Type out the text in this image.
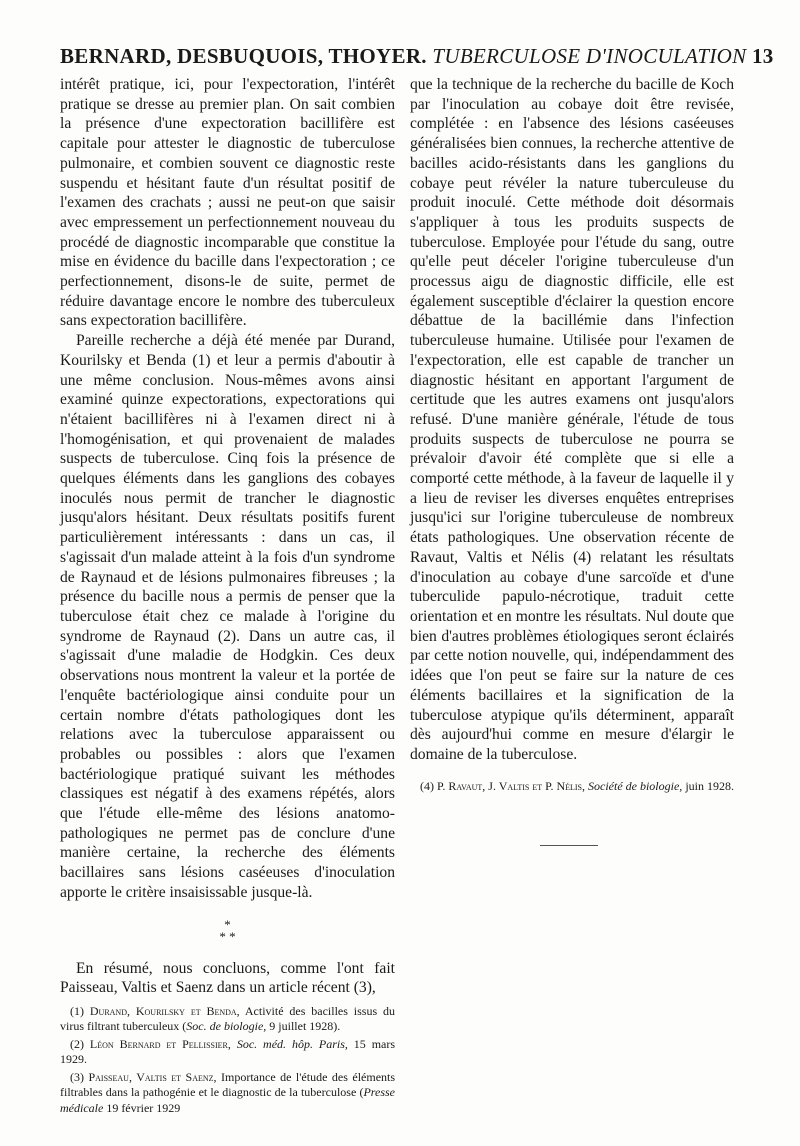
BERNARD, DESBUQUOIS, THOYER. TUBERCULOSE D'INOCULATION 13

intérêt pratique, ici, pour l'expectoration, l'intérêt pratique se dresse au premier plan. On sait combien la présence d'une expectoration bacillifère est capitale pour attester le diagnostic de tuberculose pulmonaire, et combien souvent ce diagnostic reste suspendu et hésitant faute d'un résultat positif de l'examen des crachats ; aussi ne peut-on que saisir avec empressement un perfectionnement nouveau du procédé de diagnostic incomparable que constitue la mise en évidence du bacille dans l'expectoration ; ce perfectionnement, disons-le de suite, permet de réduire davantage encore le nombre des tuberculeux sans expectoration bacillifère.

Pareille recherche a déjà été menée par Durand, Kourilsky et Benda (1) et leur a permis d'aboutir à une même conclusion. Nous-mêmes avons ainsi examiné quinze expectorations, expectorations qui n'étaient bacillifères ni à l'examen direct ni à l'homogénisation, et qui provenaient de malades suspects de tuberculose. Cinq fois la présence de quelques éléments dans les ganglions des cobayes inoculés nous permit de trancher le diagnostic jusqu'alors hésitant. Deux résultats positifs furent particulièrement intéressants : dans un cas, il s'agissait d'un malade atteint à la fois d'un syndrome de Raynaud et de lésions pulmonaires fibreuses ; la présence du bacille nous a permis de penser que la tuberculose était chez ce malade à l'origine du syndrome de Raynaud (2). Dans un autre cas, il s'agissait d'une maladie de Hodgkin. Ces deux observations nous montrent la valeur et la portée de l'enquête bactériologique ainsi conduite pour un certain nombre d'états pathologiques dont les relations avec la tuberculose apparaissent ou probables ou possibles : alors que l'examen bactériologique pratiqué suivant les méthodes classiques est négatif à des examens répétés, alors que l'étude elle-même des lésions anatomo-pathologiques ne permet pas de conclure d'une manière certaine, la recherche des éléments bacillaires sans lésions caséeuses d'inoculation apporte le critère insaisissable jusque-là.

*
* *

En résumé, nous concluons, comme l'ont fait Paisseau, Valtis et Saenz dans un article récent (3),

(1) Durand, Kourilsky et Benda, Activité des bacilles issus du virus filtrant tuberculeux (Soc. de biologie, 9 juillet 1928).

(2) Léon Bernard et Pellissier, Soc. méd. hôp. Paris, 15 mars 1929.

(3) Paisseau, Valtis et Saenz, Importance de l'étude des éléments filtrables dans la pathogénie et le diagnostic de la tuberculose (Presse médicale 19 février 1929

que la technique de la recherche du bacille de Koch par l'inoculation au cobaye doit être revisée, complétée : en l'absence des lésions caséeuses généralisées bien connues, la recherche attentive de bacilles acido-résistants dans les ganglions du cobaye peut révéler la nature tuberculeuse du produit inoculé. Cette méthode doit désormais s'appliquer à tous les produits suspects de tuberculose. Employée pour l'étude du sang, outre qu'elle peut déceler l'origine tuberculeuse d'un processus aigu de diagnostic difficile, elle est également susceptible d'éclairer la question encore débattue de la bacillémie dans l'infection tuberculeuse humaine. Utilisée pour l'examen de l'expectoration, elle est capable de trancher un diagnostic hésitant en apportant l'argument de certitude que les autres examens ont jusqu'alors refusé. D'une manière générale, l'étude de tous produits suspects de tuberculose ne pourra se prévaloir d'avoir été complète que si elle a comporté cette méthode, à la faveur de laquelle il y a lieu de reviser les diverses enquêtes entreprises jusqu'ici sur l'origine tuberculeuse de nombreux états pathologiques. Une observation récente de Ravaut, Valtis et Nélis (4) relatant les résultats d'inoculation au cobaye d'une sarcoïde et d'une tuberculide papulo-nécrotique, traduit cette orientation et en montre les résultats. Nul doute que bien d'autres problèmes étiologiques seront éclairés par cette notion nouvelle, qui, indépendamment des idées que l'on peut se faire sur la nature de ces éléments bacillaires et la signification de la tuberculose atypique qu'ils déterminent, apparaît dès aujourd'hui comme en mesure d'élargir le domaine de la tuberculose.

(4) P. Ravaut, J. Valtis et P. Nélis, Société de biologie, juin 1928.
